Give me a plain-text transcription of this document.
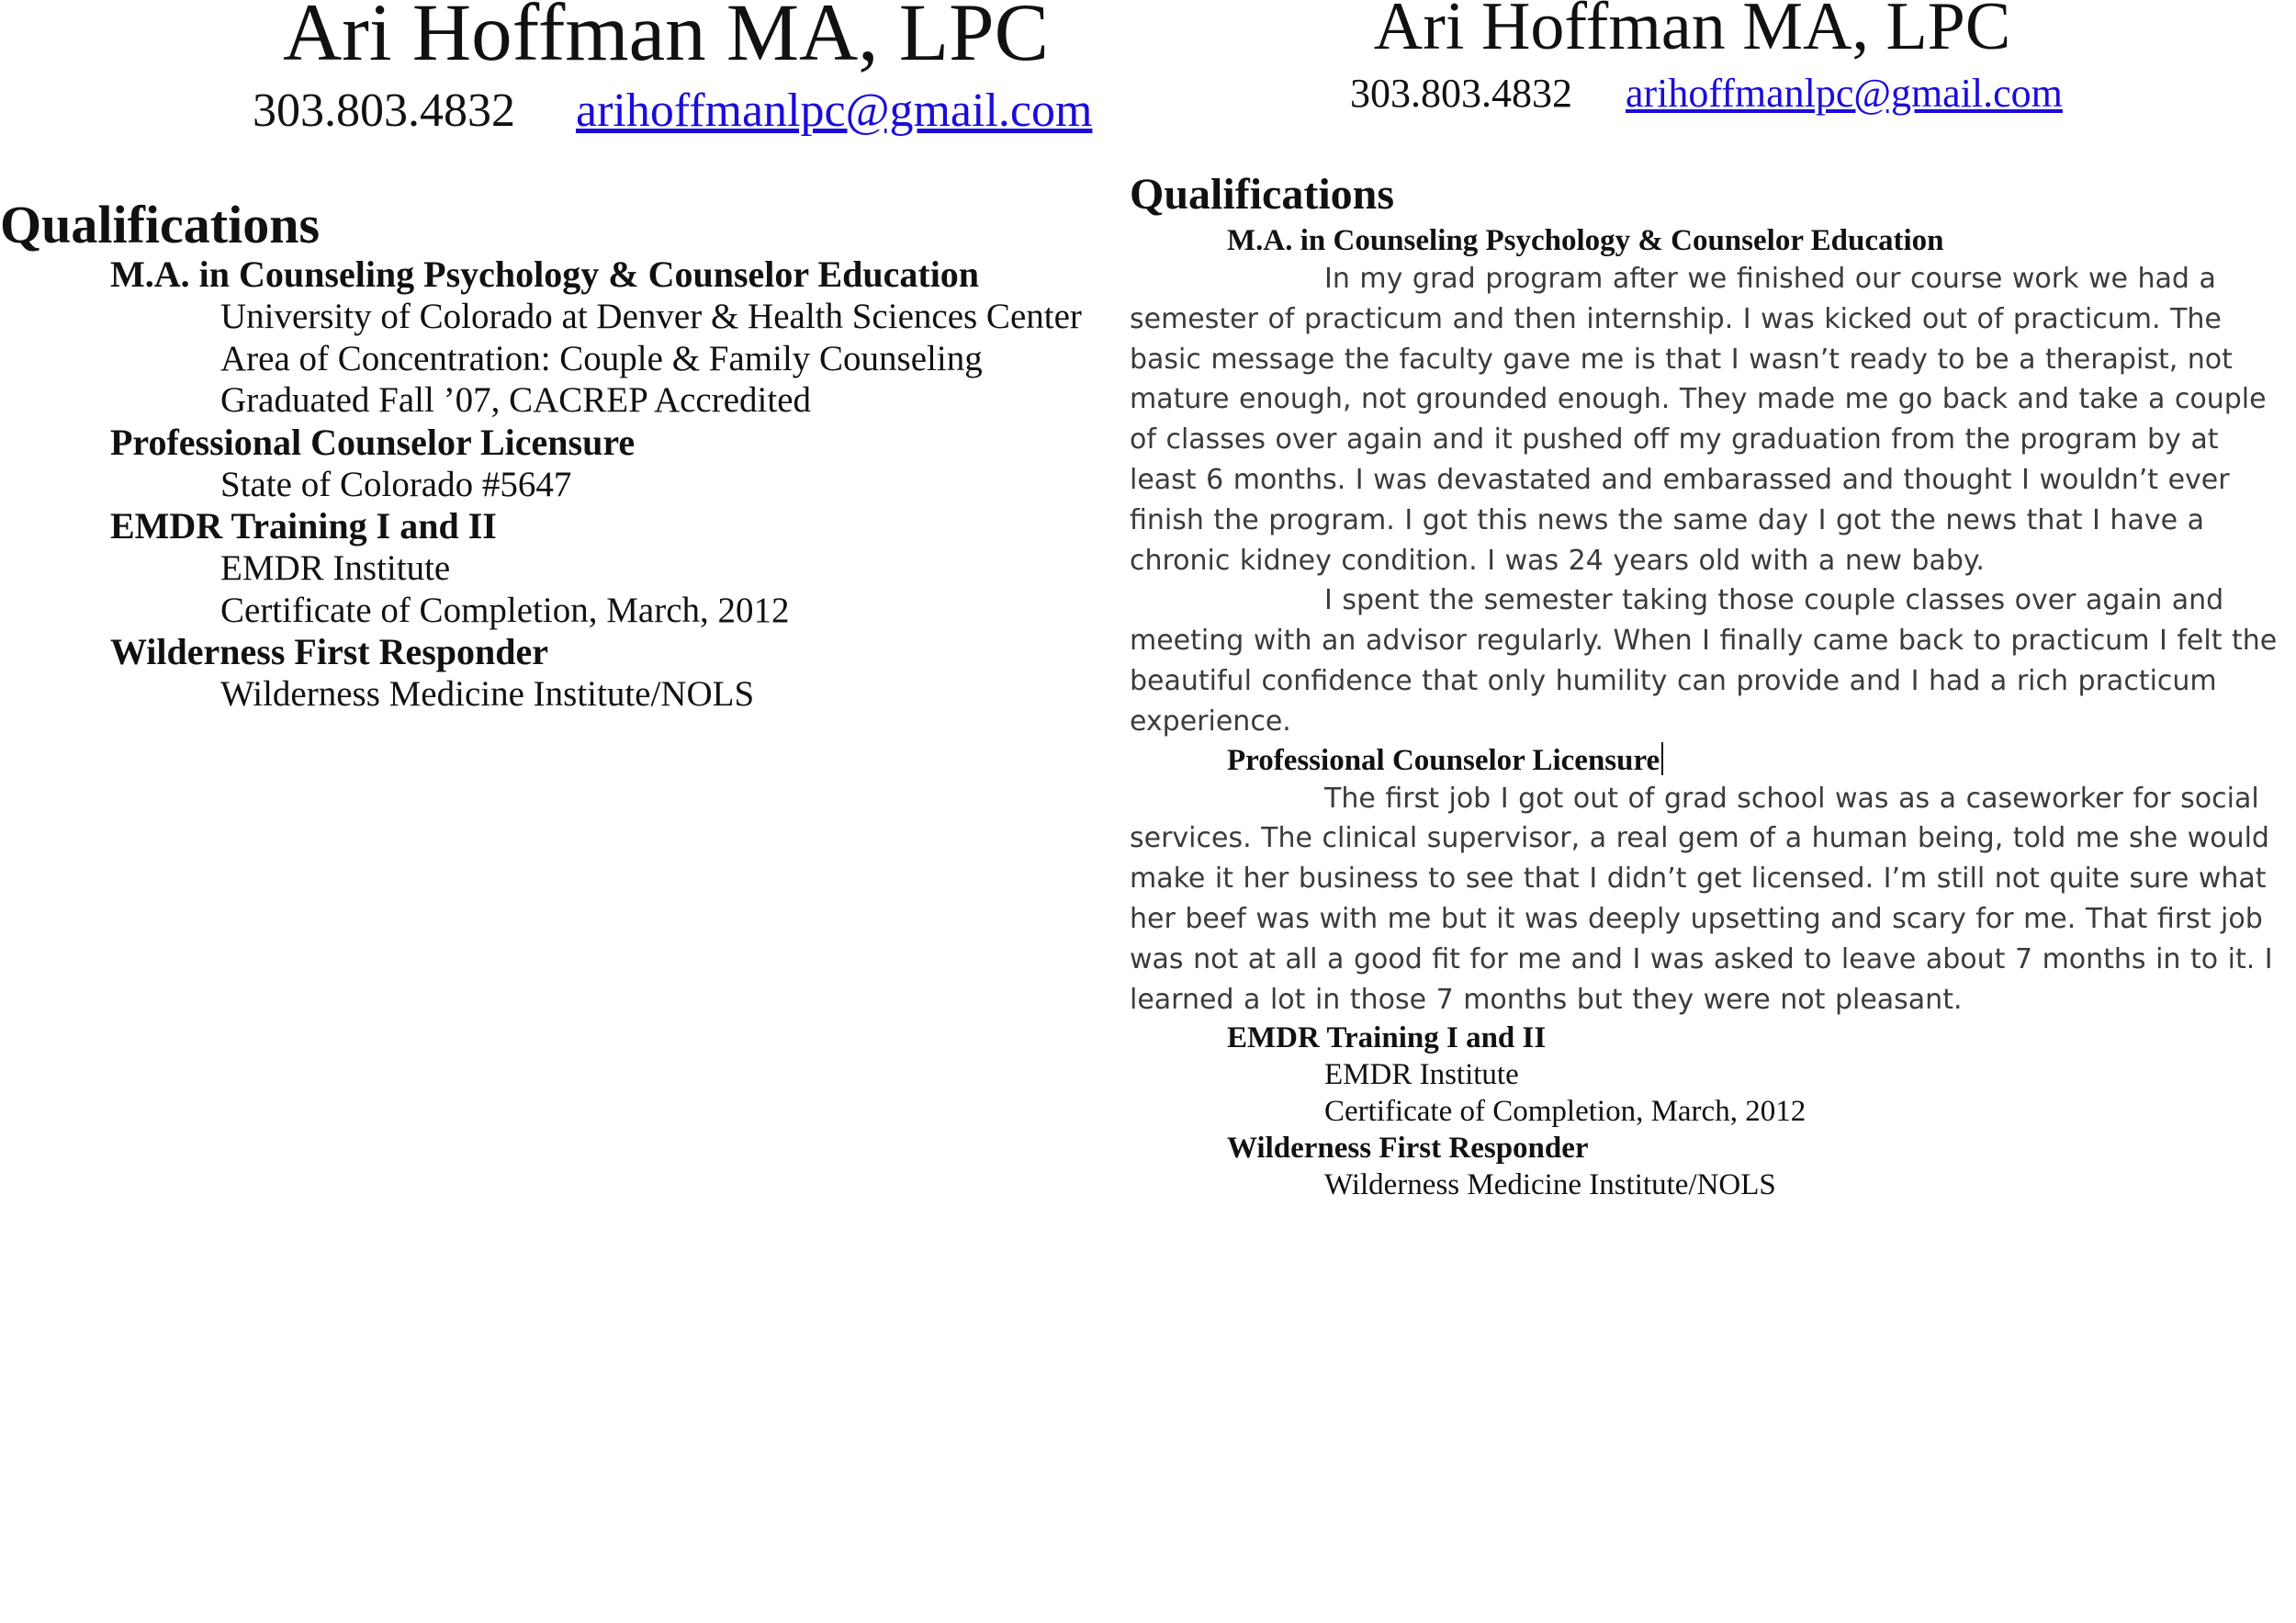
Ari Hoffman MA, LPC
303.803.4832 arihoffmanlpc@gmail.com
Qualifications
M.A. in Counseling Psychology & Counselor Education
University of Colorado at Denver & Health Sciences Center
Area of Concentration: Couple & Family Counseling
Graduated Fall ’07, CACREP Accredited
Professional Counselor Licensure
State of Colorado #5647
EMDR Training I and II
EMDR Institute
Certificate of Completion, March, 2012
Wilderness First Responder
Wilderness Medicine Institute/NOLS
Ari Hoffman MA, LPC
303.803.4832 arihoffmanlpc@gmail.com
Qualifications
M.A. in Counseling Psychology & Counselor Education

In my grad program after we finished our course work we had a semester of practicum and then internship. I was kicked out of practicum. The basic message the faculty gave me is that I wasn’t ready to be a therapist, not mature enough, not grounded enough. They made me go back and take a couple of classes over again and it pushed off my graduation from the program by at least 6 months. I was devastated and embarassed and thought I wouldn’t ever finish the program. I got this news the same day I got the news that I have a chronic kidney condition. I was 24 years old with a new baby.

I spent the semester taking those couple classes over again and meeting with an advisor regularly. When I finally came back to practicum I felt the beautiful confidence that only humility can provide and I had a rich practicum experience.

Professional Counselor Licensure

The first job I got out of grad school was as a caseworker for social services. The clinical supervisor, a real gem of a human being, told me she would make it her business to see that I didn’t get licensed. I’m still not quite sure what her beef was with me but it was deeply upsetting and scary for me. That first job was not at all a good fit for me and I was asked to leave about 7 months in to it. I learned a lot in those 7 months but they were not pleasant.

EMDR Training I and II
EMDR Institute
Certificate of Completion, March, 2012
Wilderness First Responder
Wilderness Medicine Institute/NOLS
